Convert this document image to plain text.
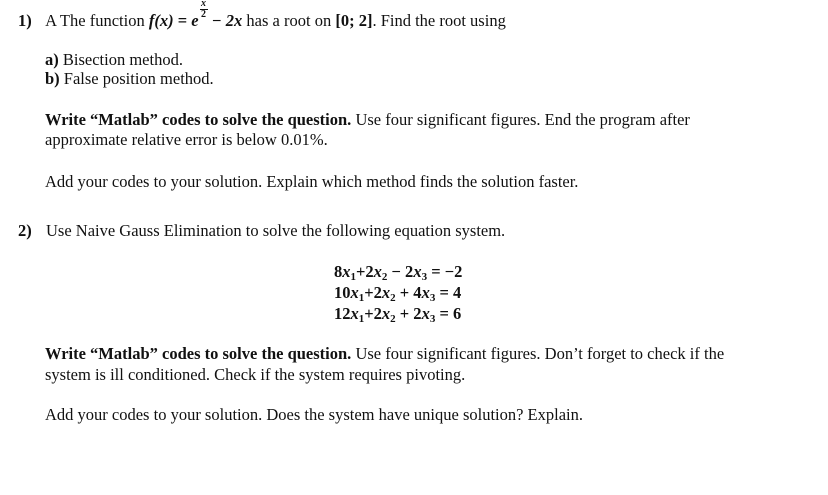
1) A The function f(x) = e
$\frac{x}{2}$
− 2x has a root on [0; 2]. Find the root using
a) Bisection method.
b) False position method.
Write “Matlab” codes to solve the question. Use four significant figures. End the program after
approximate relative error is below 0.01%.
Add your codes to your solution. Explain which method finds the solution faster.
2) Use Naive Gauss Elimination to solve the following equation system.
$8x_1+2x_2 - 2x_3 = -2$
$10x_1+2x_2 + 4x_3 = 4$
$12x_1+2x_2 + 2x_3 = 6$
Write “Matlab” codes to solve the question. Use four significant figures. Don’t forget to check if the
system is ill conditioned. Check if the system requires pivoting.
Add your codes to your solution. Does the system have unique solution? Explain.
